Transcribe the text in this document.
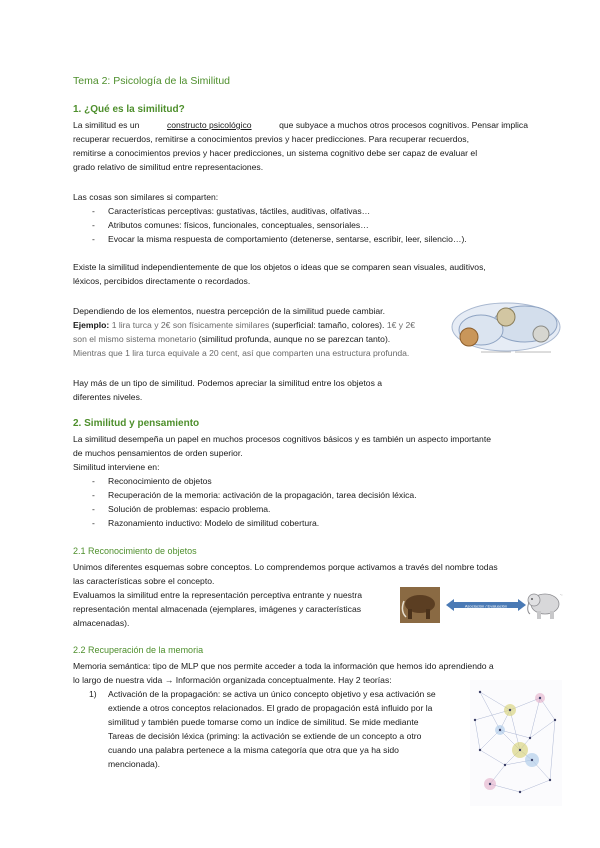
Tema 2: Psicología de la Similitud
1. ¿Qué es la similitud?
La similitud es un	constructo psicológico	que subyace a muchos otros procesos cognitivos. Pensar implica
recuperar recuerdos, remitirse a conocimientos previos y hacer predicciones. Para recuperar recuerdos,
remitirse a conocimientos previos y hacer predicciones, un sistema cognitivo debe ser capaz de evaluar el
grado relativo de similitud entre representaciones.
Las cosas son similares si comparten:
- Características perceptivas: gustativas, táctiles, auditivas, olfativas…
- Atributos comunes: físicos, funcionales, conceptuales, sensoriales…
- Evocar la misma respuesta de comportamiento (detenerse, sentarse, escribir, leer, silencio…).
Existe la similitud independientemente de que los objetos o ideas que se comparen sean visuales, auditivos,
léxicos, percibidos directamente o recordados.
Dependiendo de los elementos, nuestra percepción de la similitud puede cambiar.
Ejemplo: 1 lira turca y 2€ son físicamente similares (superficial: tamaño, colores). 1€ y 2€
son el mismo sistema monetario (similitud profunda, aunque no se parezcan tanto).
Mientras que 1 lira turca equivale a 20 cent, así que comparten una estructura profunda.
Hay más de un tipo de similitud. Podemos apreciar la similitud entre los objetos a
diferentes niveles.
2. Similitud y pensamiento
La similitud desempeña un papel en muchos procesos cognitivos básicos y es también un aspecto importante
de muchos pensamientos de orden superior.
Similitud interviene en:
- Reconocimiento de objetos
- Recuperación de la memoria: activación de la propagación, tarea decisión léxica.
- Solución de problemas: espacio problema.
- Razonamiento inductivo: Modelo de similitud cobertura.
2.1 Reconocimiento de objetos
Unimos diferentes esquemas sobre conceptos. Lo comprendemos porque activamos a través del nombre todas
las características sobre el concepto.
Evaluamos la similitud entre la representación perceptiva entrante y nuestra
representación mental almacenada (ejemplares, imágenes y características
almacenadas).
Asociación / Evaluación
·:
2.2 Recuperación de la memoria
Memoria semántica: tipo de MLP que nos permite acceder a toda la información que hemos ido aprendiendo a
lo largo de nuestra vida → Información organizada conceptualmente. Hay 2 teorías:
1) Activación de la propagación: se activa un único concepto objetivo y esa activación se
extiende a otros conceptos relacionados. El grado de propagación está influido por la
similitud y también puede tomarse como un índice de similitud. Se mide mediante
Tareas de decisión léxica (priming: la activación se extiende de un concepto a otro
cuando una palabra pertenece a la misma categoría que otra que ya ha sido
mencionada).
